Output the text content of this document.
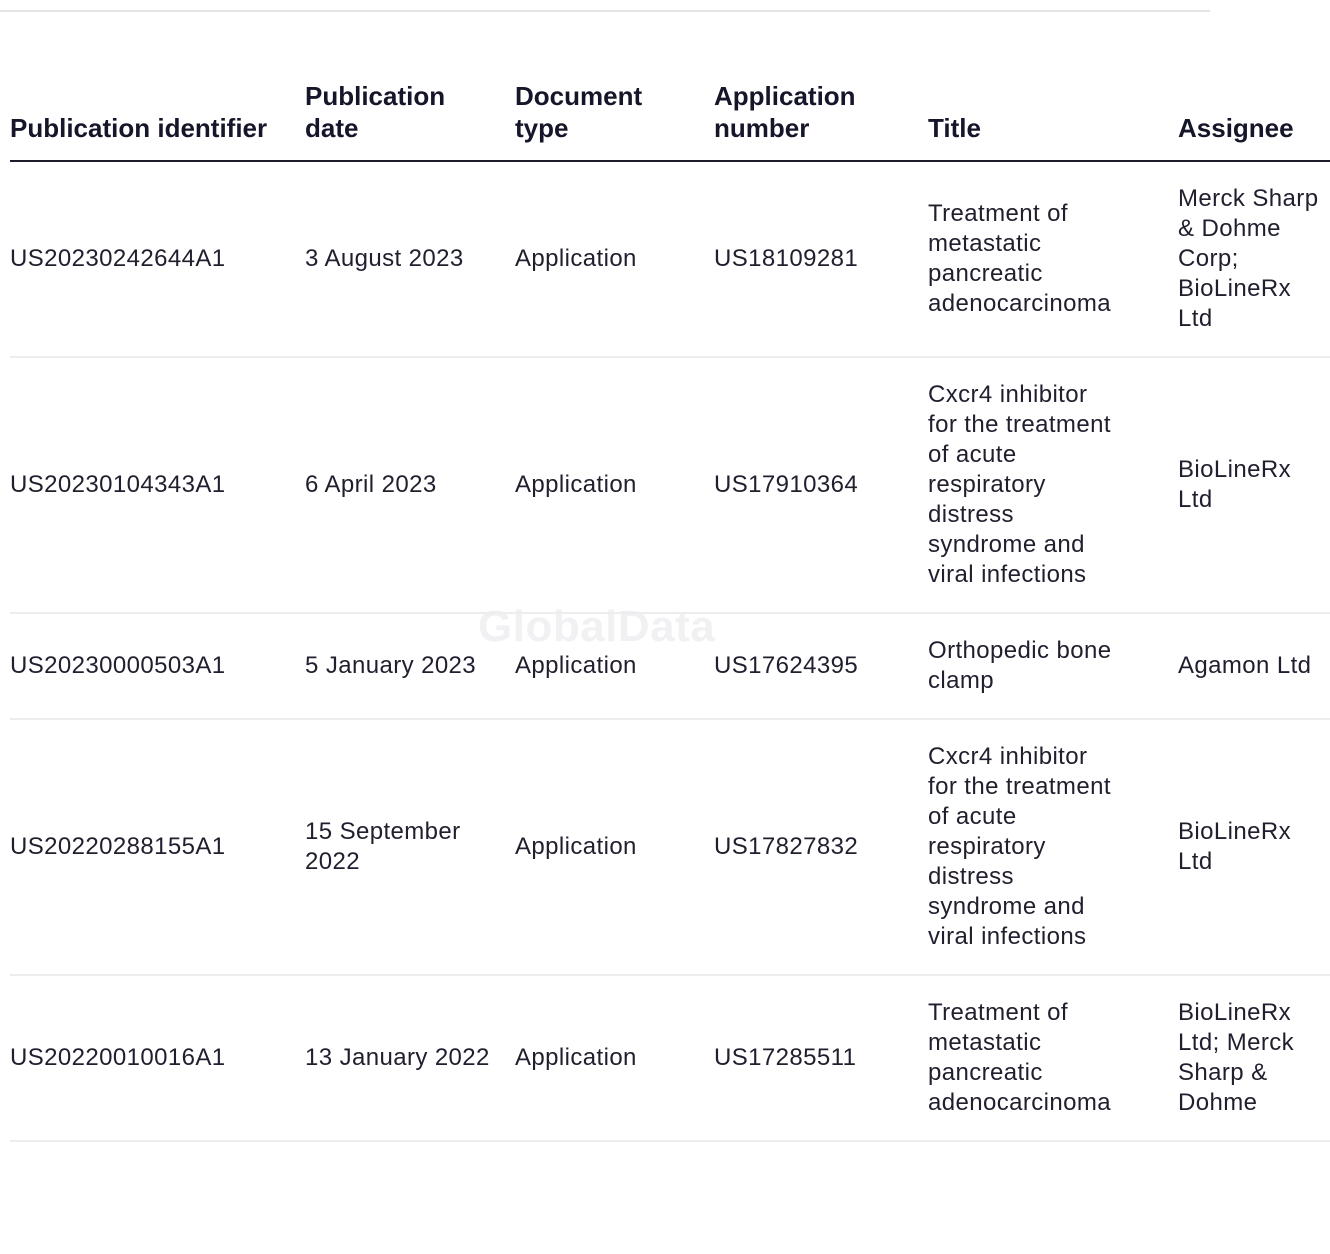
GlobalData
Publication identifier	Publication date	Document type	Application number	Title	Assignee
US20230242644A1	3 August 2023	Application	US18109281	Treatment of metastatic pancreatic adenocarcinoma	Merck Sharp & Dohme Corp; BioLineRx Ltd
US20230104343A1	6 April 2023	Application	US17910364	Cxcr4 inhibitor for the treatment of acute respiratory distress syndrome and viral infections	BioLineRx Ltd
US20230000503A1	5 January 2023	Application	US17624395	Orthopedic bone clamp	Agamon Ltd
US20220288155A1	15 September 2022	Application	US17827832	Cxcr4 inhibitor for the treatment of acute respiratory distress syndrome and viral infections	BioLineRx Ltd
US20220010016A1	13 January 2022	Application	US17285511	Treatment of metastatic pancreatic adenocarcinoma	BioLineRx Ltd; Merck Sharp & Dohme
